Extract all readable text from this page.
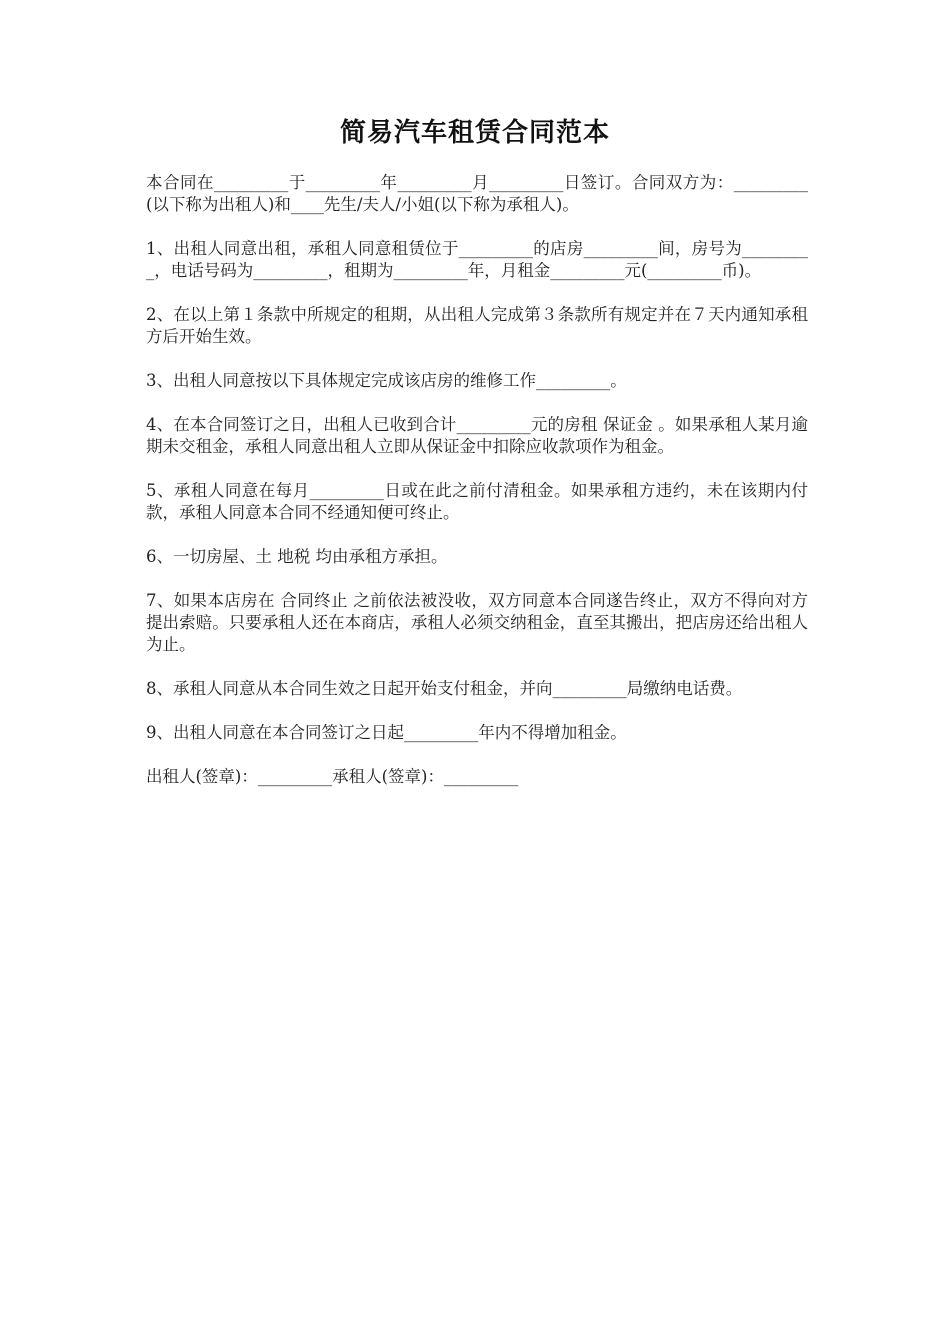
简易汽车租赁合同范本

本合同在_________于_________年_________月_________日签订。合同双方为：_________(以下称为出租人)和____先生/夫人/小姐(以下称为承租人)。

1、出租人同意出租，承租人同意租赁位于_________的店房_________间，房号为_________，电话号码为_________，租期为_________年，月租金_________元(_________币)。

2、在以上第１条款中所规定的租期，从出租人完成第３条款所有规定并在７天内通知承租方后开始生效。

3、出租人同意按以下具体规定完成该店房的维修工作_________。

4、在本合同签订之日，出租人已收到合计_________元的房租 保证金 。如果承租人某月逾期未交租金，承租人同意出租人立即从保证金中扣除应收款项作为租金。

5、承租人同意在每月_________日或在此之前付清租金。如果承租方违约，未在该期内付款，承租人同意本合同不经通知便可终止。

6、一切房屋、土 地税 均由承租方承担。

7、如果本店房在 合同终止 之前依法被没收，双方同意本合同遂告终止，双方不得向对方提出索赔。只要承租人还在本商店，承租人必须交纳租金，直至其搬出，把店房还给出租人为止。

8、承租人同意从本合同生效之日起开始支付租金，并向_________局缴纳电话费。

9、出租人同意在本合同签订之日起_________年内不得增加租金。

出租人(签章)：_________承租人(签章)：_________
